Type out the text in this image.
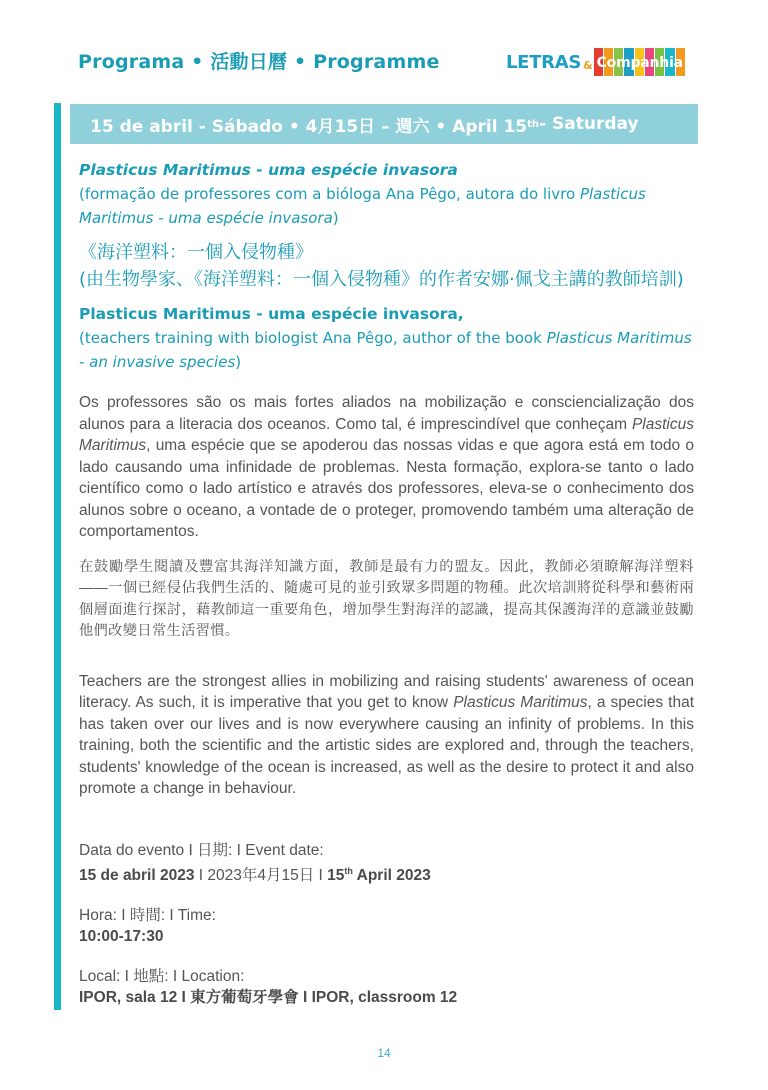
Programa • 活動日曆 • Programme	LETRAS & Companhia
15 de abril - Sábado • 4月15日 – 週六 • April 15 th - Saturday
Plasticus Maritimus - uma espécie invasora
(formação de professores com a bióloga Ana Pêgo, autora do livro Plasticus Maritimus - uma espécie invasora)
《海洋塑料：一個入侵物種》
(由生物學家、《海洋塑料：一個入侵物種》的作者安娜·佩戈主講的教師培訓)
Plasticus Maritimus - uma espécie invasora,
(teachers training with biologist Ana Pêgo, author of the book Plasticus Maritimus - an invasive species)

Os professores são os mais fortes aliados na mobilização e consciencialização dos alunos para a literacia dos oceanos. Como tal, é imprescindível que conheçam Plasticus Maritimus, uma espécie que se apoderou das nossas vidas e que agora está em todo o lado causando uma infinidade de problemas. Nesta formação, explora-se tanto o lado científico como o lado artístico e através dos professores, eleva-se o conhecimento dos alunos sobre o oceano, a vontade de o proteger, promovendo também uma alteração de comportamentos.

在鼓勵學生閱讀及豐富其海洋知識方面，教師是最有力的盟友。因此，教師必須瞭解海洋塑料——一個已經侵佔我們生活的、隨處可見的並引致眾多問題的物種。此次培訓將從科學和藝術兩個層面進行探討，藉教師這一重要角色，增加學生對海洋的認識，提高其保護海洋的意識並鼓勵他們改變日常生活習慣。

Teachers are the strongest allies in mobilizing and raising students' awareness of ocean literacy. As such, it is imperative that you get to know Plasticus Maritimus, a species that has taken over our lives and is now everywhere causing an infinity of problems. In this training, both the scientific and the artistic sides are explored and, through the teachers, students' knowledge of the ocean is increased, as well as the desire to protect it and also promote a change in behaviour.

Data do evento I 日期: I Event date:
15 de abril 2023 I 2023年4月15日 I 15th April 2023
Hora: I 時間: I Time:
10:00-17:30
Local: I 地點: I Location:
IPOR, sala 12 I 東方葡萄牙學會 I IPOR, classroom 12
14
